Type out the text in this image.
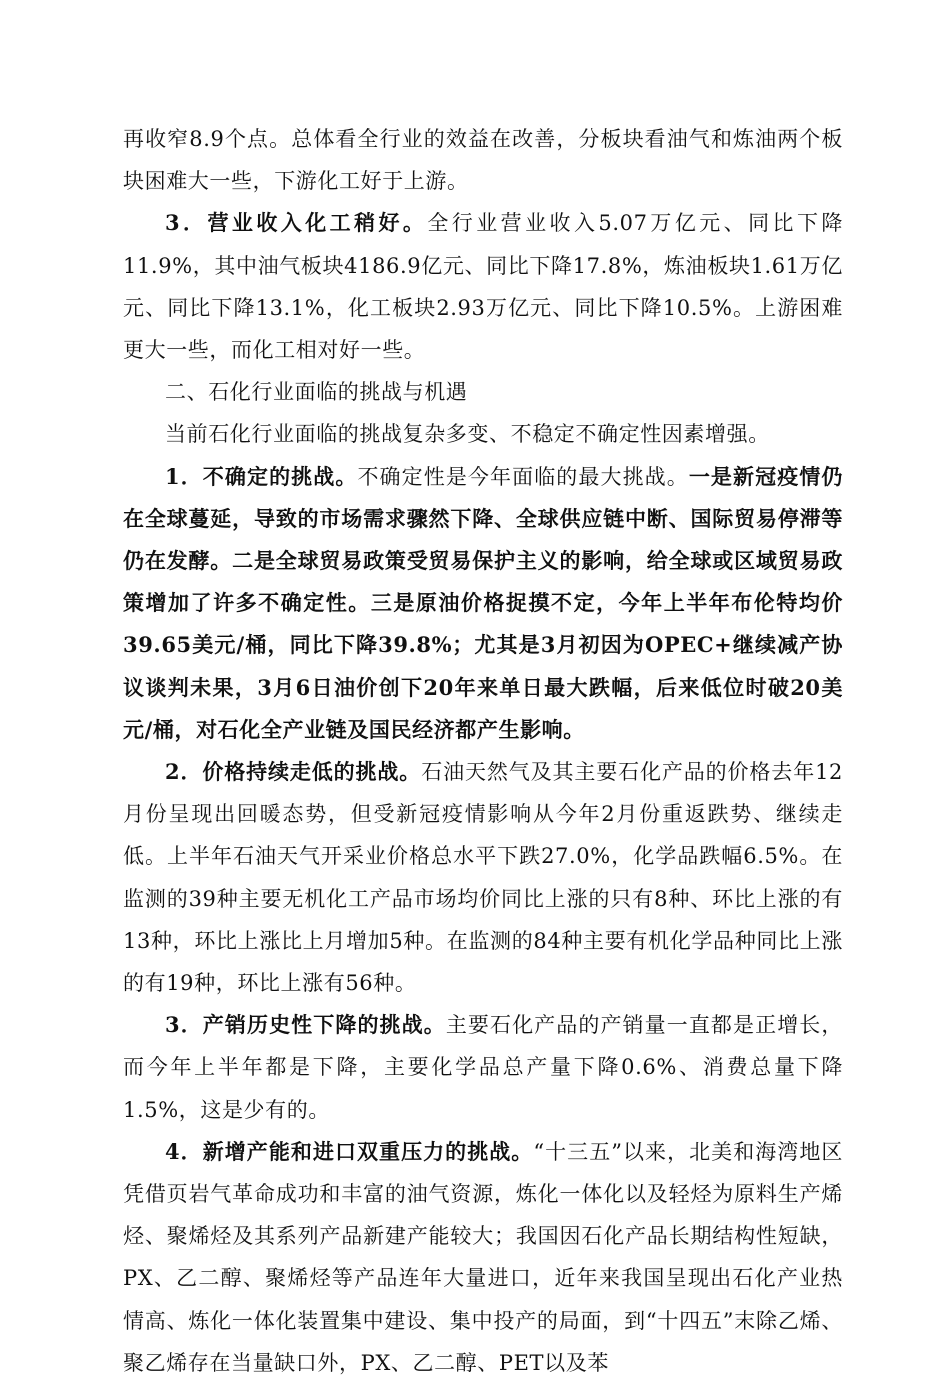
再收窄8.9个点。总体看全行业的效益在改善，分板块看油气和炼油两个板块困难大一些，下游化工好于上游。

3．营业收入化工稍好。全行业营业收入5.07万亿元、同比下降11.9%，其中油气板块4186.9亿元、同比下降17.8%，炼油板块1.61万亿元、同比下降13.1%，化工板块2.93万亿元、同比下降10.5%。上游困难更大一些，而化工相对好一些。

二、石化行业面临的挑战与机遇

当前石化行业面临的挑战复杂多变、不稳定不确定性因素增强。

1．不确定的挑战。不确定性是今年面临的最大挑战。一是新冠疫情仍在全球蔓延，导致的市场需求骤然下降、全球供应链中断、国际贸易停滞等仍在发酵。二是全球贸易政策受贸易保护主义的影响，给全球或区域贸易政策增加了许多不确定性。三是原油价格捉摸不定，今年上半年布伦特均价39.65美元/桶，同比下降39.8%；尤其是3月初因为OPEC+继续减产协议谈判未果，3月6日油价创下20年来单日最大跌幅，后来低位时破20美元/桶，对石化全产业链及国民经济都产生影响。

2．价格持续走低的挑战。石油天然气及其主要石化产品的价格去年12月份呈现出回暖态势，但受新冠疫情影响从今年2月份重返跌势、继续走低。上半年石油天气开采业价格总水平下跌27.0%，化学品跌幅6.5%。在监测的39种主要无机化工产品市场均价同比上涨的只有8种、环比上涨的有13种，环比上涨比上月增加5种。在监测的84种主要有机化学品种同比上涨的有19种，环比上涨有56种。

3．产销历史性下降的挑战。主要石化产品的产销量一直都是正增长，而今年上半年都是下降，主要化学品总产量下降0.6%、消费总量下降1.5%，这是少有的。

4．新增产能和进口双重压力的挑战。“十三五”以来，北美和海湾地区凭借页岩气革命成功和丰富的油气资源，炼化一体化以及轻烃为原料生产烯烃、聚烯烃及其系列产品新建产能较大；我国因石化产品长期结构性短缺，PX、乙二醇、聚烯烃等产品连年大量进口，近年来我国呈现出石化产业热情高、炼化一体化装置集中建设、集中投产的局面，到“十四五”末除乙烯、聚乙烯存在当量缺口外，PX、乙二醇、PET以及苯
